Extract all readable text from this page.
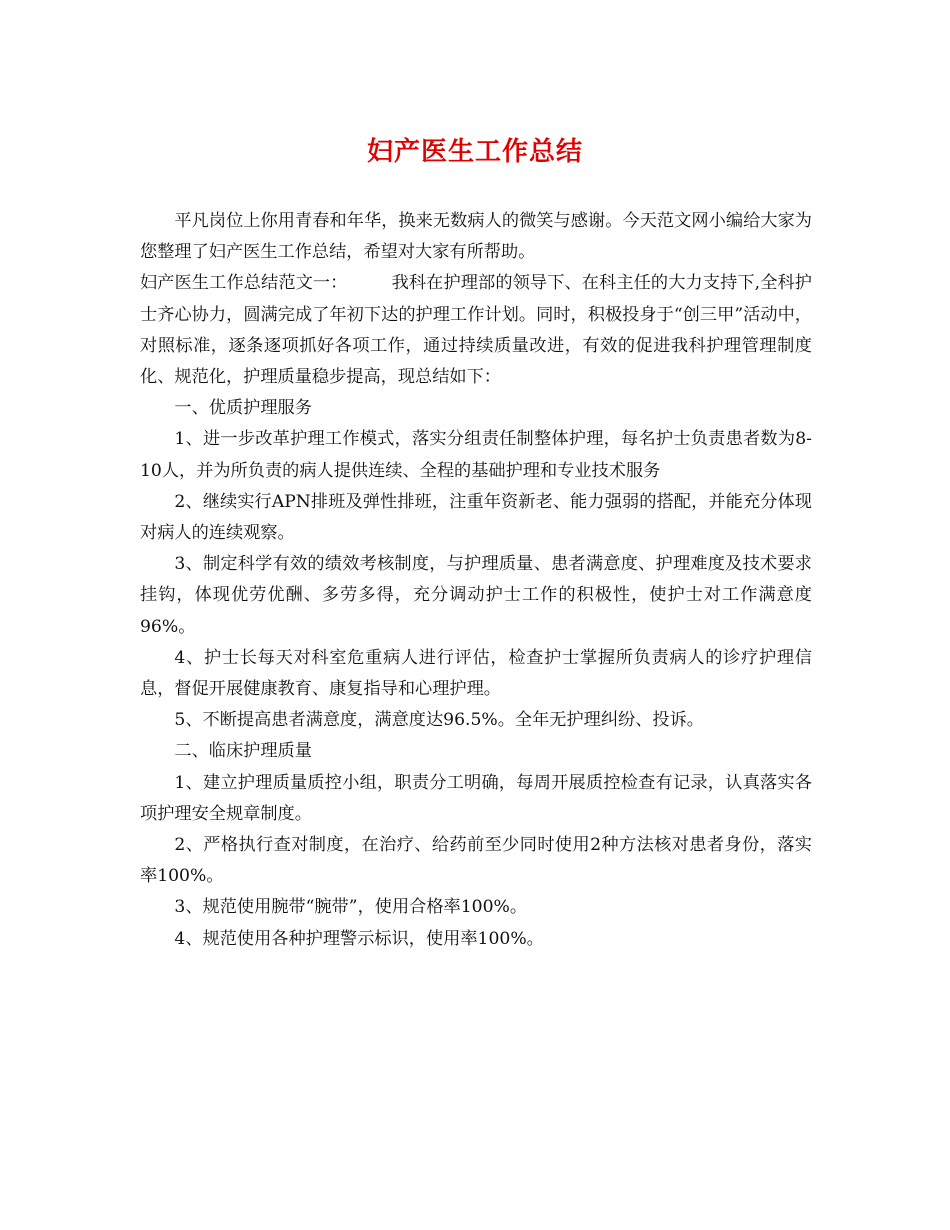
妇产医生工作总结

平凡岗位上你用青春和年华，换来无数病人的微笑与感谢。今天范文网小编给大家为您整理了妇产医生工作总结，希望对大家有所帮助。

妇产医生工作总结范文一：	我科在护理部的领导下、在科主任的大力支持下,全科护士齐心协力，圆满完成了年初下达的护理工作计划。同时，积极投身于“创三甲”活动中，对照标准，逐条逐项抓好各项工作，通过持续质量改进，有效的促进我科护理管理制度化、规范化，护理质量稳步提高，现总结如下：

一、优质护理服务

1、进一步改革护理工作模式，落实分组责任制整体护理，每名护士负责患者数为8-10人，并为所负责的病人提供连续、全程的基础护理和专业技术服务

2、继续实行APN排班及弹性排班，注重年资新老、能力强弱的搭配，并能充分体现对病人的连续观察。

3、制定科学有效的绩效考核制度，与护理质量、患者满意度、护理难度及技术要求挂钩，体现优劳优酬、多劳多得，充分调动护士工作的积极性，使护士对工作满意度96%。

4、护士长每天对科室危重病人进行评估，检查护士掌握所负责病人的诊疗护理信息，督促开展健康教育、康复指导和心理护理。

5、不断提高患者满意度，满意度达96.5%。全年无护理纠纷、投诉。

二、临床护理质量

1、建立护理质量质控小组，职责分工明确，每周开展质控检查有记录，认真落实各项护理安全规章制度。

2、严格执行查对制度，在治疗、给药前至少同时使用2种方法核对患者身份，落实率100%。

3、规范使用腕带“腕带”，使用合格率100%。

4、规范使用各种护理警示标识，使用率100%。
